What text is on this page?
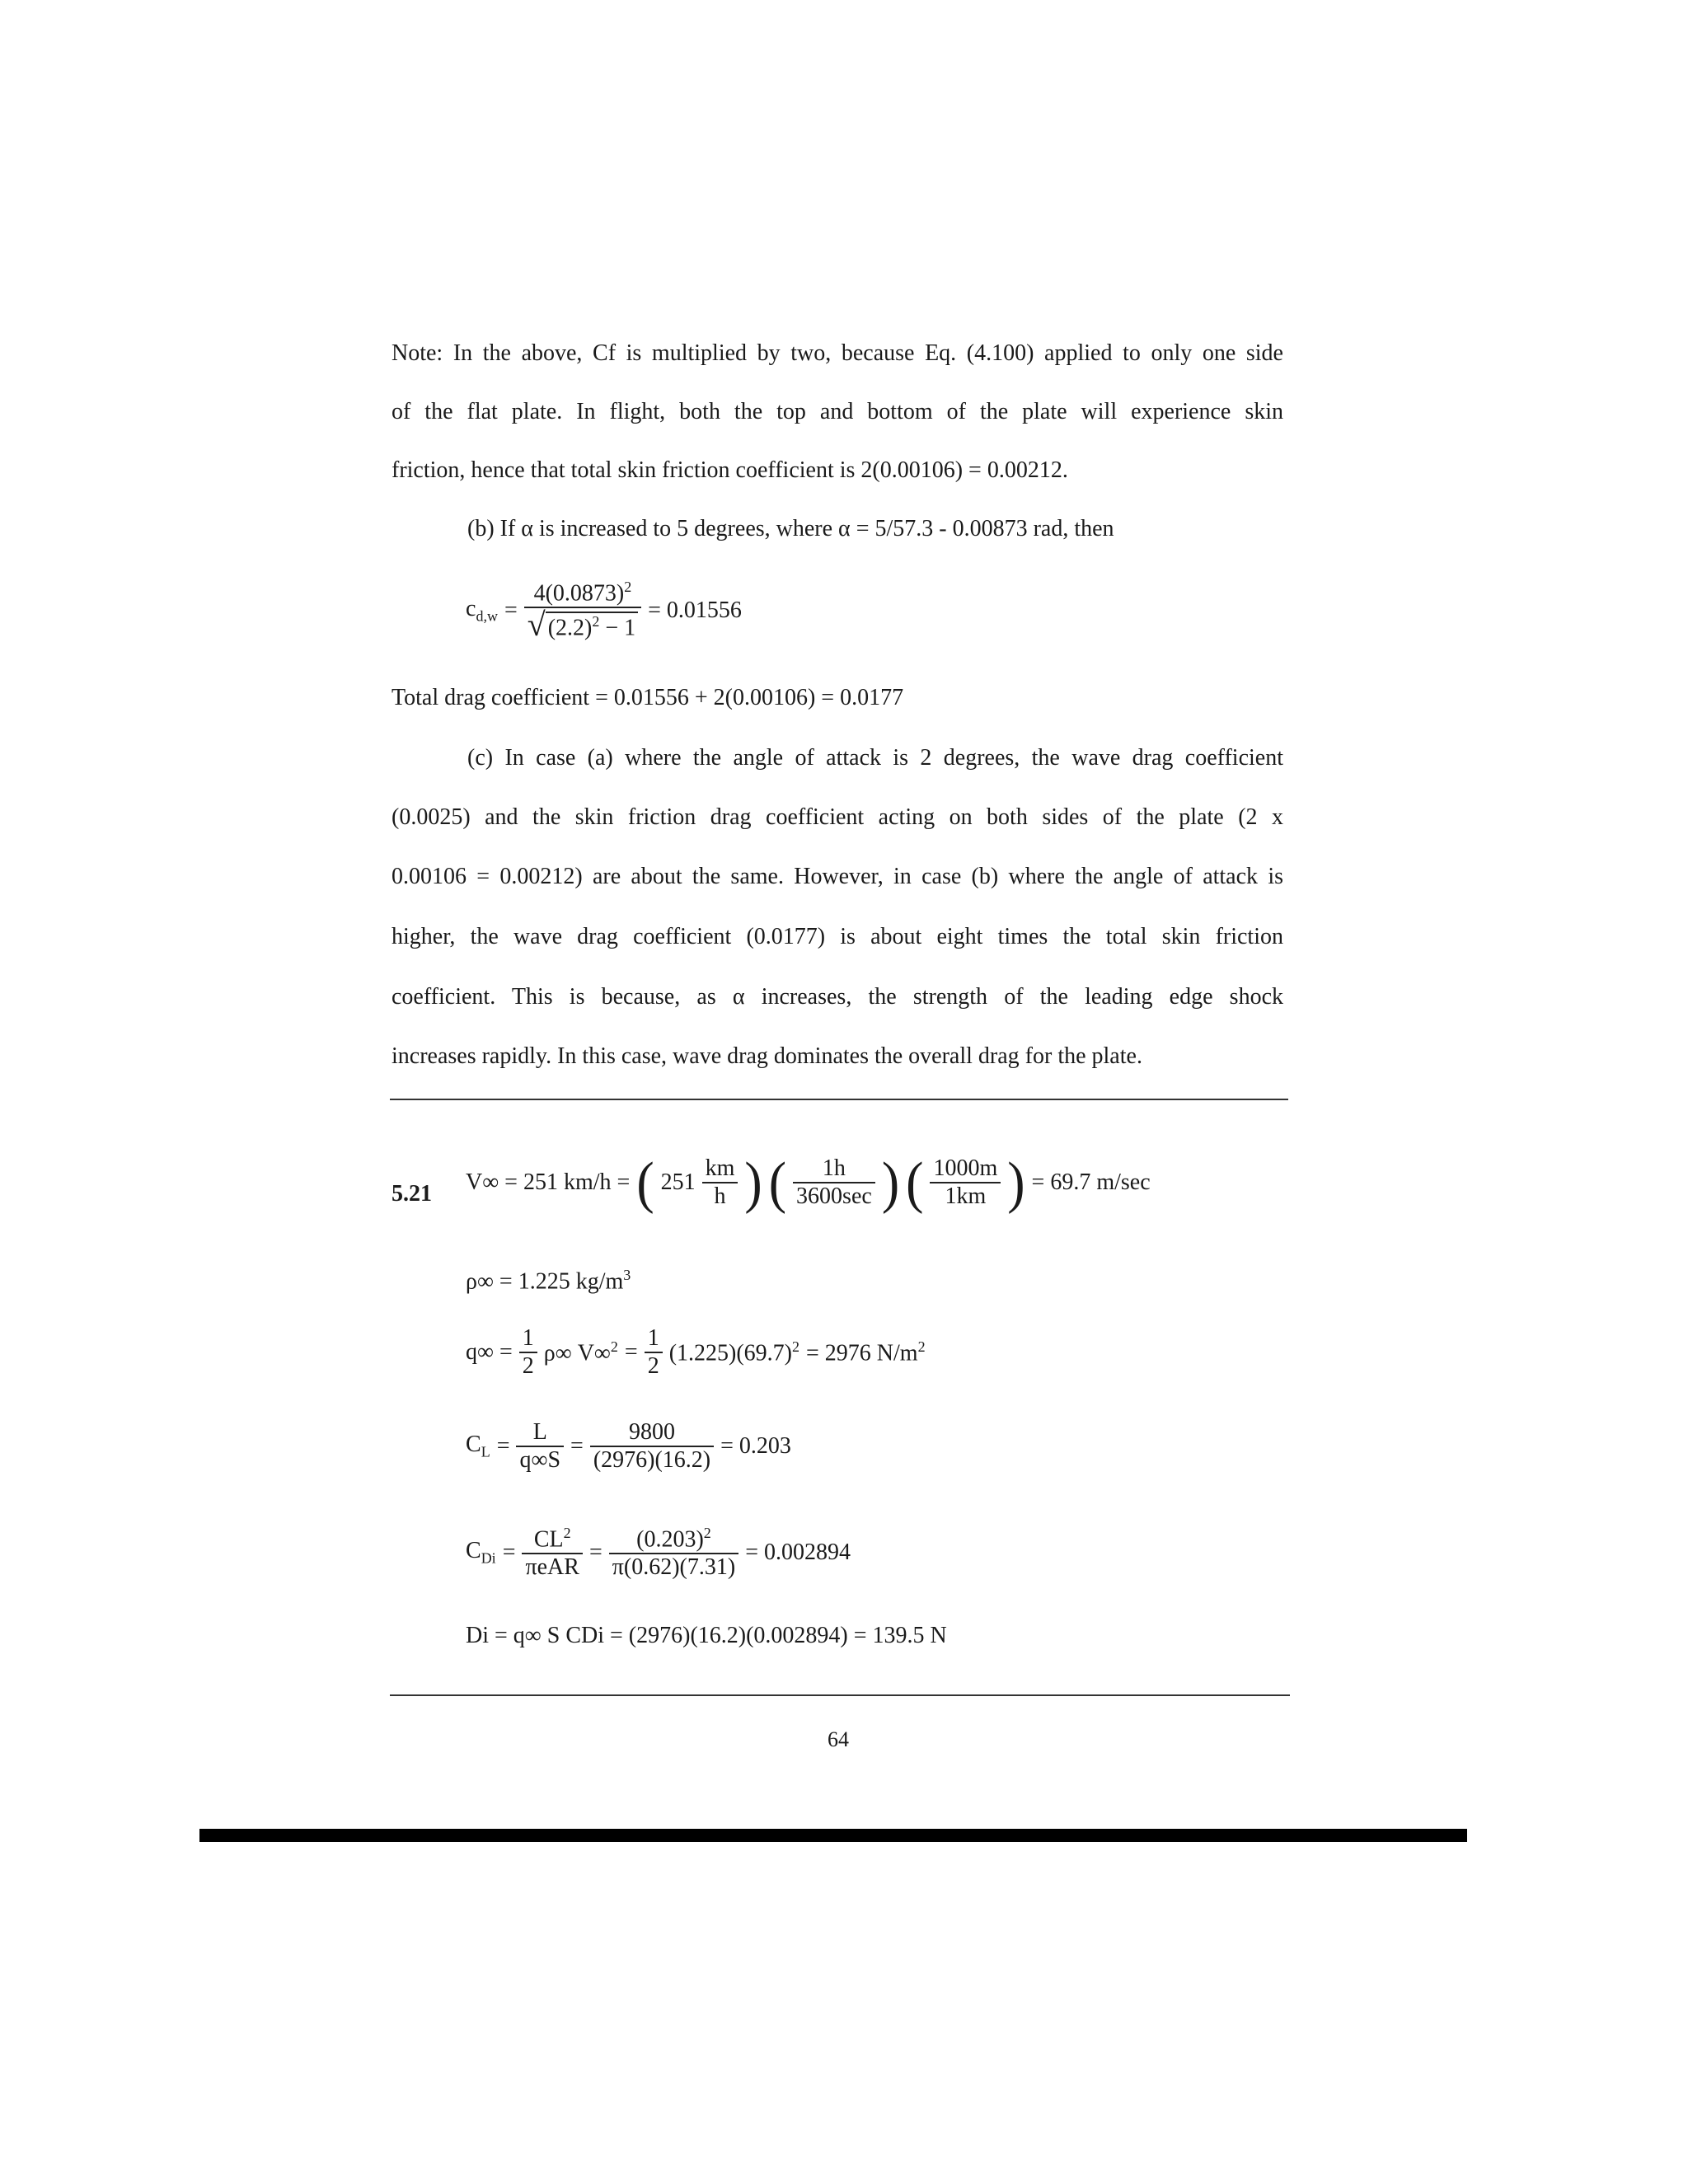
Note: In the above, Cf is multiplied by two, because Eq. (4.100) applied to only one side
of the flat plate. In flight, both the top and bottom of the plate will experience skin
friction, hence that total skin friction coefficient is 2(0.00106) = 0.00212.
(b) If α is increased to 5 degrees, where α = 5/57.3 - 0.00873 rad, then
$c_{d,w} = \frac{4(0.0873)^2}{√ (2.2)^2 - 1} = 0.01556$
Total drag coefficient = 0.01556 + 2(0.00106) = 0.0177
(c) In case (a) where the angle of attack is 2 degrees, the wave drag coefficient
(0.0025) and the skin friction drag coefficient acting on both sides of the plate (2 x
0.00106 = 0.00212) are about the same. However, in case (b) where the angle of attack is
higher, the wave drag coefficient (0.0177) is about eight times the total skin friction
coefficient. This is because, as α increases, the strength of the leading edge shock
increases rapidly. In this case, wave drag dominates the overall drag for the plate.
5.21 V∞ = 251 km/h = ( $251 \frac{km}{h}$ ) ( $\frac{1h}{3600\sec}$ ) ( $\frac{1000m}{1km}$ ) = 69.7 m/sec
ρ∞ = 1.225 $kg/m^3$
$q\infty = \frac{1}{2} \rho\infty$ $V\infty^2 = \frac{1}{2} (1.225)(69.7)^2 = 2976$ $N/m^2$
$C_L = \frac{L}{q\infty S} = \frac{9800}{(2976)(16.2)} = 0.203$
$C_{Di} = \frac{CL^2}{\text{πeAR}} = \frac{(0.203)^2}{\pi(0.62)(7.31)} = 0.002894$
Di = q∞ S CDi = (2976)(16.2)(0.002894) = 139.5 N
64
